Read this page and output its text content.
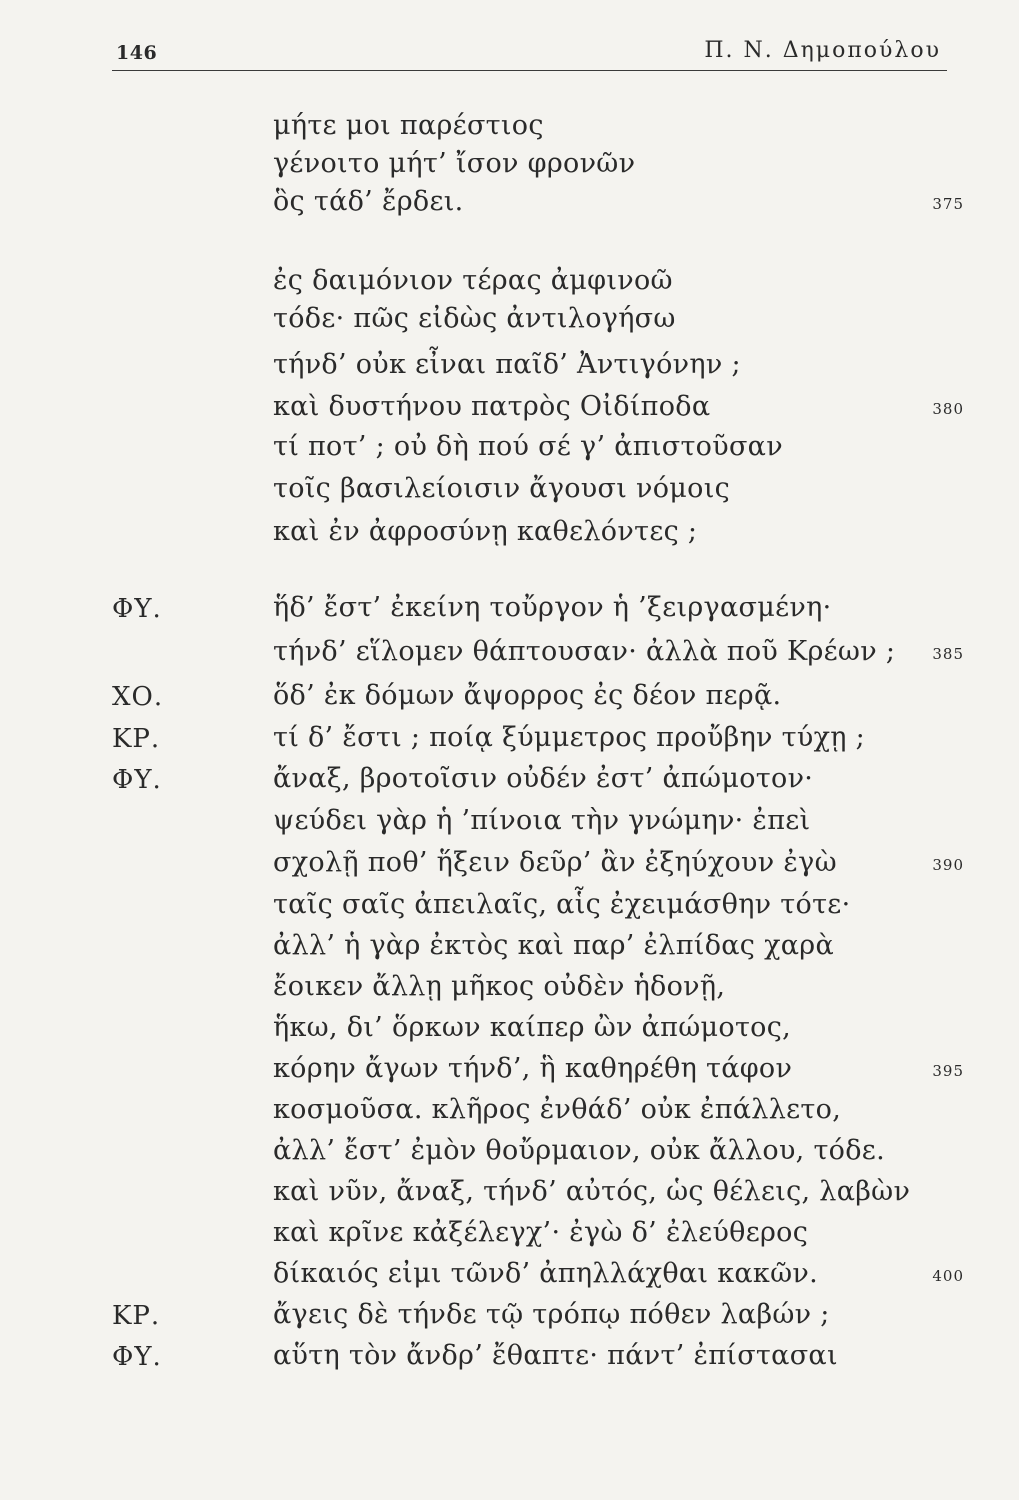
146	Π. Ν. Δημοπούλου
μήτε μοι παρέστιος
γένοιτο μήτ’ ἴσον φρονῶν
ὃς τάδ’ ἔρδει.	375
ἐς δαιμόνιον τέρας ἀμφινοῶ
τόδε· πῶς εἰδὼς ἀντιλογήσω
τήνδ’ οὐκ εἶναι παῖδ’ Ἀντιγόνην ;
καὶ δυστήνου πατρὸς Οἰδίποδα	380
τί ποτ’ ; οὐ δὴ πού σέ γ’ ἀπιστοῦσαν
τοῖς βασιλείοισιν ἄγουσι νόμοις
καὶ ἐν ἀφροσύνῃ καθελόντες ;
ΦΥ.	ἥδ’ ἔστ’ ἐκείνη τοὔργον ἡ ’ξειργασμένη·
τήνδ’ εἵλομεν θάπτουσαν· ἀλλὰ ποῦ Κρέων ;	385
ΧΟ.	ὅδ’ ἐκ δόμων ἄψορρος ἐς δέον περᾷ.
ΚΡ.	τί δ’ ἔστι ; ποίᾳ ξύμμετρος προὔβην τύχῃ ;
ΦΥ.	ἄναξ, βροτοῖσιν οὐδέν ἐστ’ ἀπώμοτον·
ψεύδει γὰρ ἡ ’πίνοια τὴν γνώμην· ἐπεὶ
σχολῇ ποθ’ ἥξειν δεῦρ’ ἂν ἐξηύχουν ἐγὼ	390
ταῖς σαῖς ἀπειλαῖς, αἷς ἐχειμάσθην τότε·
ἀλλ’ ἡ γὰρ ἐκτὸς καὶ παρ’ ἐλπίδας χαρὰ
ἔοικεν ἄλλῃ μῆκος οὐδὲν ἡδονῇ,
ἥκω, δι’ ὅρκων καίπερ ὢν ἀπώμοτος,
κόρην ἄγων τήνδ’, ἣ καθηρέθη τάφον	395
κοσμοῦσα. κλῆρος ἐνθάδ’ οὐκ ἐπάλλετο,
ἀλλ’ ἔστ’ ἐμὸν θοὔρμαιον, οὐκ ἄλλου, τόδε.
καὶ νῦν, ἄναξ, τήνδ’ αὐτός, ὡς θέλεις, λαβὼν
καὶ κρῖνε κἀξέλεγχ’· ἐγὼ δ’ ἐλεύθερος
δίκαιός εἰμι τῶνδ’ ἀπηλλάχθαι κακῶν.	400
ΚΡ.	ἄγεις δὲ τήνδε τῷ τρόπῳ πόθεν λαβών ;
ΦΥ.	αὕτη τὸν ἄνδρ’ ἔθαπτε· πάντ’ ἐπίστασαι
